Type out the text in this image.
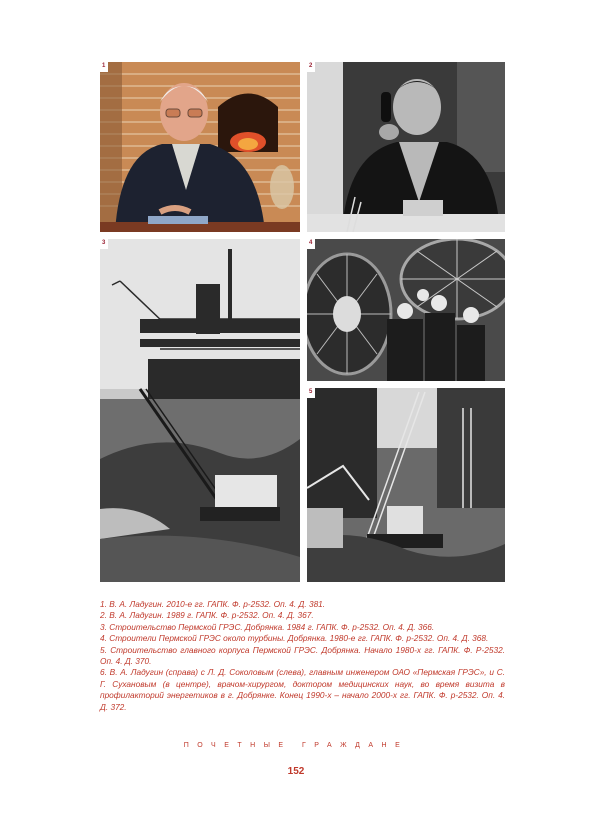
1	2
3	4
5

1. В. А. Ладугин. 2010-е гг. ГАПК. Ф. р-2532. Оп. 4. Д. 381.

2. В. А. Ладугин. 1989 г. ГАПК. Ф. р-2532. Оп. 4. Д. 367.

3. Строительство Пермской ГРЭС. Добрянка. 1984 г. ГАПК. Ф. р-2532. Оп. 4. Д. 366.

4. Строители Пермской ГРЭС около турбины. Добрянка. 1980-е гг. ГАПК. Ф. р-2532. Оп. 4. Д. 368.

5. Строительство главного корпуса Пермской ГРЭС. Добрянка. Начало 1980-х гг. ГАПК. Ф. Р-2532. Оп. 4. Д. 370.

6. В. А. Ладугин (справа) с Л. Д. Соколовым (слева), главным инженером ОАО «Пермская ГРЭС», и С. Г. Сухановым (в центре), врачом-хирургом, доктором медицинских наук, во время визита в профилакторий энергетиков в г. Добрянке. Конец 1990-х – начало 2000-х гг. ГАПК. Ф. р-2532. Оп. 4. Д. 372.

ПОЧЕТНЫЕ ГРАЖДАНЕ
152
